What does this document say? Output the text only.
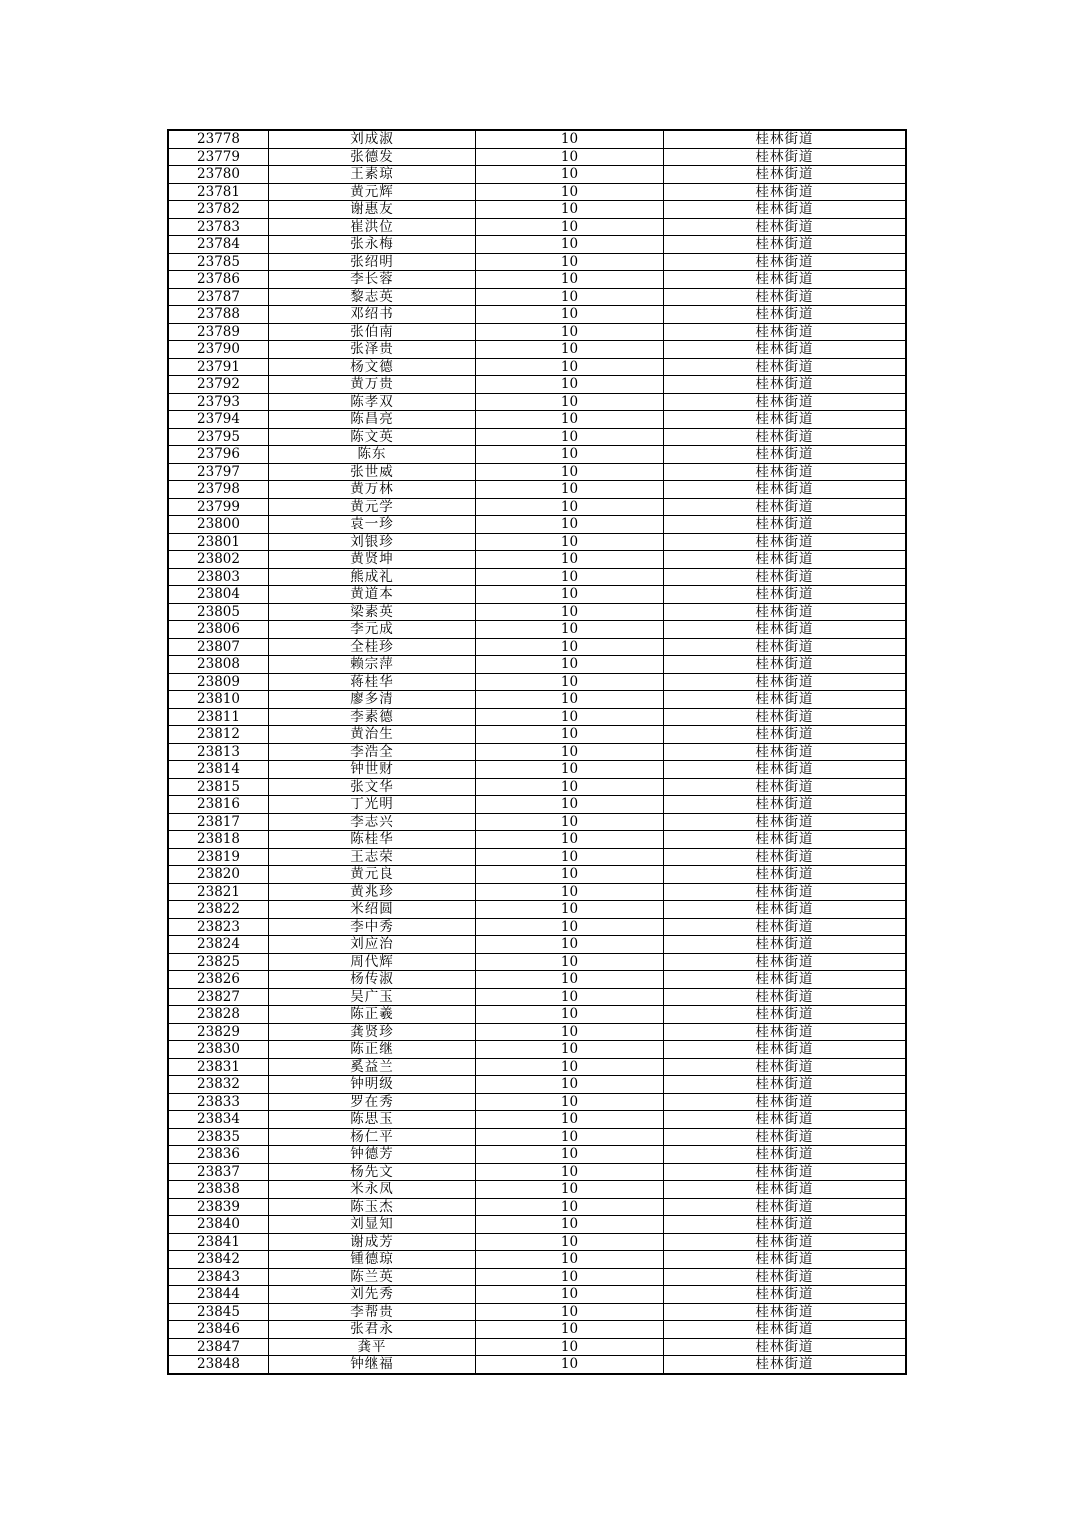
23778	刘成淑	10	桂林街道
23779	张德发	10	桂林街道
23780	王素琼	10	桂林街道
23781	黄元辉	10	桂林街道
23782	谢惠友	10	桂林街道
23783	崔洪位	10	桂林街道
23784	张永梅	10	桂林街道
23785	张绍明	10	桂林街道
23786	李长蓉	10	桂林街道
23787	黎志英	10	桂林街道
23788	邓绍书	10	桂林街道
23789	张伯南	10	桂林街道
23790	张泽贵	10	桂林街道
23791	杨文德	10	桂林街道
23792	黄万贵	10	桂林街道
23793	陈孝双	10	桂林街道
23794	陈昌亮	10	桂林街道
23795	陈文英	10	桂林街道
23796	陈东	10	桂林街道
23797	张世威	10	桂林街道
23798	黄万林	10	桂林街道
23799	黄元学	10	桂林街道
23800	袁一珍	10	桂林街道
23801	刘银珍	10	桂林街道
23802	黄贤坤	10	桂林街道
23803	熊成礼	10	桂林街道
23804	黄道本	10	桂林街道
23805	梁素英	10	桂林街道
23806	李元成	10	桂林街道
23807	全桂珍	10	桂林街道
23808	赖宗萍	10	桂林街道
23809	蒋桂华	10	桂林街道
23810	廖多清	10	桂林街道
23811	李素德	10	桂林街道
23812	黄治生	10	桂林街道
23813	李浩全	10	桂林街道
23814	钟世财	10	桂林街道
23815	张文华	10	桂林街道
23816	丁光明	10	桂林街道
23817	李志兴	10	桂林街道
23818	陈桂华	10	桂林街道
23819	王志荣	10	桂林街道
23820	黄元良	10	桂林街道
23821	黄兆珍	10	桂林街道
23822	米绍圆	10	桂林街道
23823	李中秀	10	桂林街道
23824	刘应治	10	桂林街道
23825	周代辉	10	桂林街道
23826	杨传淑	10	桂林街道
23827	吴广玉	10	桂林街道
23828	陈正羲	10	桂林街道
23829	龚贤珍	10	桂林街道
23830	陈正继	10	桂林街道
23831	奚益兰	10	桂林街道
23832	钟明级	10	桂林街道
23833	罗在秀	10	桂林街道
23834	陈思玉	10	桂林街道
23835	杨仁平	10	桂林街道
23836	钟德芳	10	桂林街道
23837	杨先文	10	桂林街道
23838	米永凤	10	桂林街道
23839	陈玉杰	10	桂林街道
23840	刘显知	10	桂林街道
23841	谢成芳	10	桂林街道
23842	锺德琼	10	桂林街道
23843	陈兰英	10	桂林街道
23844	刘先秀	10	桂林街道
23845	李帮贵	10	桂林街道
23846	张君永	10	桂林街道
23847	龚平	10	桂林街道
23848	钟继福	10	桂林街道
